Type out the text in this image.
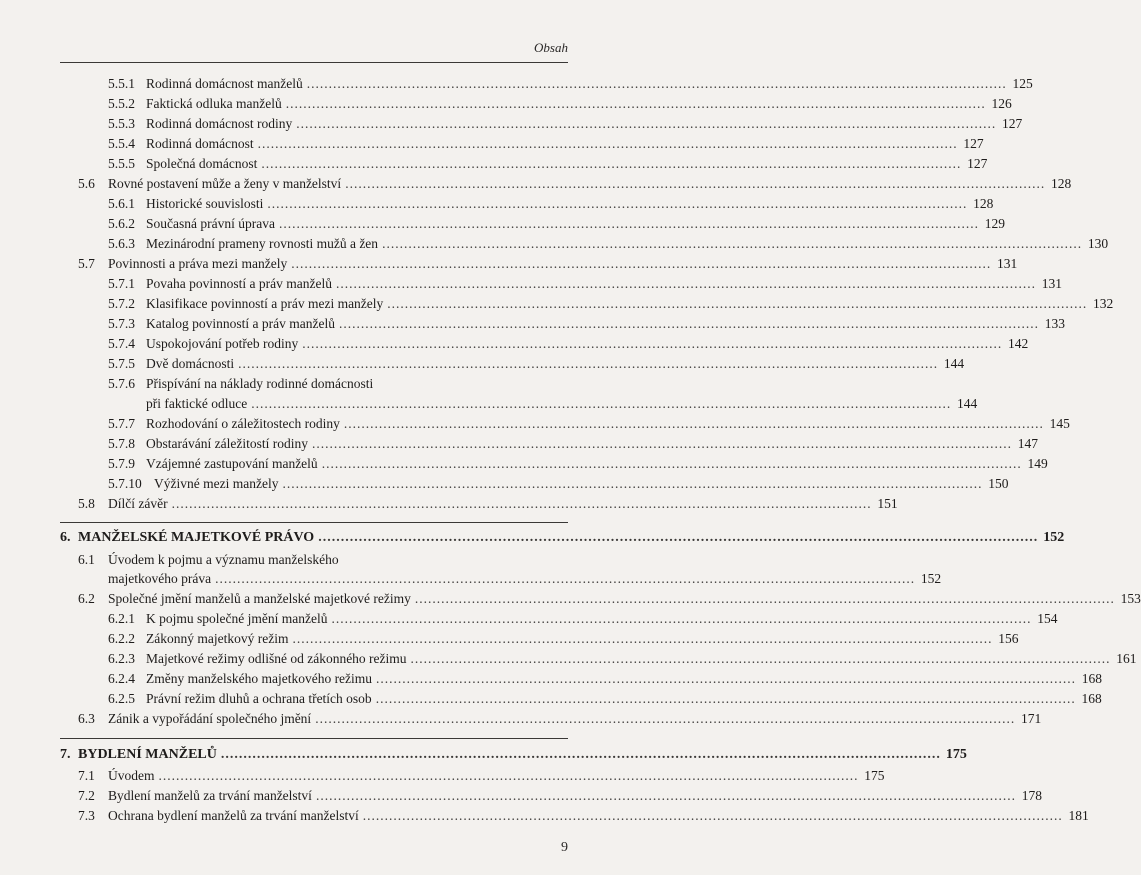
Obsah
5.5.1 Rodinná domácnost manželů ................................................................................................................................................................ 125
5.5.2 Faktická odluka manželů ................................................................................................................................................................ 126
5.5.3 Rodinná domácnost rodiny ................................................................................................................................................................ 127
5.5.4 Rodinná domácnost ................................................................................................................................................................ 127
5.5.5 Společná domácnost ................................................................................................................................................................ 127
5.6 Rovné postavení může a ženy v manželství ................................................................................................................................................................ 128
5.6.1 Historické souvislosti ................................................................................................................................................................ 128
5.6.2 Současná právní úprava ................................................................................................................................................................ 129
5.6.3 Mezinárodní prameny rovnosti mužů a žen ................................................................................................................................................................ 130
5.7 Povinnosti a práva mezi manžely ................................................................................................................................................................ 131
5.7.1 Povaha povinností a práv manželů ................................................................................................................................................................ 131
5.7.2 Klasifikace povinností a práv mezi manžely ................................................................................................................................................................ 132
5.7.3 Katalog povinností a práv manželů ................................................................................................................................................................ 133
5.7.4 Uspokojování potřeb rodiny ................................................................................................................................................................ 142
5.7.5 Dvě domácnosti ................................................................................................................................................................ 144
5.7.6 Přispívání na náklady rodinné domácnosti
při faktické odluce ................................................................................................................................................................ 144
5.7.7 Rozhodování o záležitostech rodiny ................................................................................................................................................................ 145
5.7.8 Obstarávání záležitostí rodiny ................................................................................................................................................................ 147
5.7.9 Vzájemné zastupování manželů ................................................................................................................................................................ 149
5.7.10 Výživné mezi manžely ................................................................................................................................................................ 150
5.8 Dílčí závěr ................................................................................................................................................................ 151
6. MANŽELSKÉ MAJETKOVÉ PRÁVO ................................................................................................................................................................ 152
6.1 Úvodem k pojmu a významu manželského
majetkového práva ................................................................................................................................................................ 152
6.2 Společné jmění manželů a manželské majetkové režimy ................................................................................................................................................................ 153
6.2.1 K pojmu společné jmění manželů ................................................................................................................................................................ 154
6.2.2 Zákonný majetkový režim ................................................................................................................................................................ 156
6.2.3 Majetkové režimy odlišné od zákonného režimu ................................................................................................................................................................ 161
6.2.4 Změny manželského majetkového režimu ................................................................................................................................................................ 168
6.2.5 Právní režim dluhů a ochrana třetích osob ................................................................................................................................................................ 168
6.3 Zánik a vypořádání společného jmění ................................................................................................................................................................ 171
7. BYDLENÍ MANŽELŮ ................................................................................................................................................................ 175
7.1 Úvodem ................................................................................................................................................................ 175
7.2 Bydlení manželů za trvání manželství ................................................................................................................................................................ 178
7.3 Ochrana bydlení manželů za trvání manželství ................................................................................................................................................................ 181
9
